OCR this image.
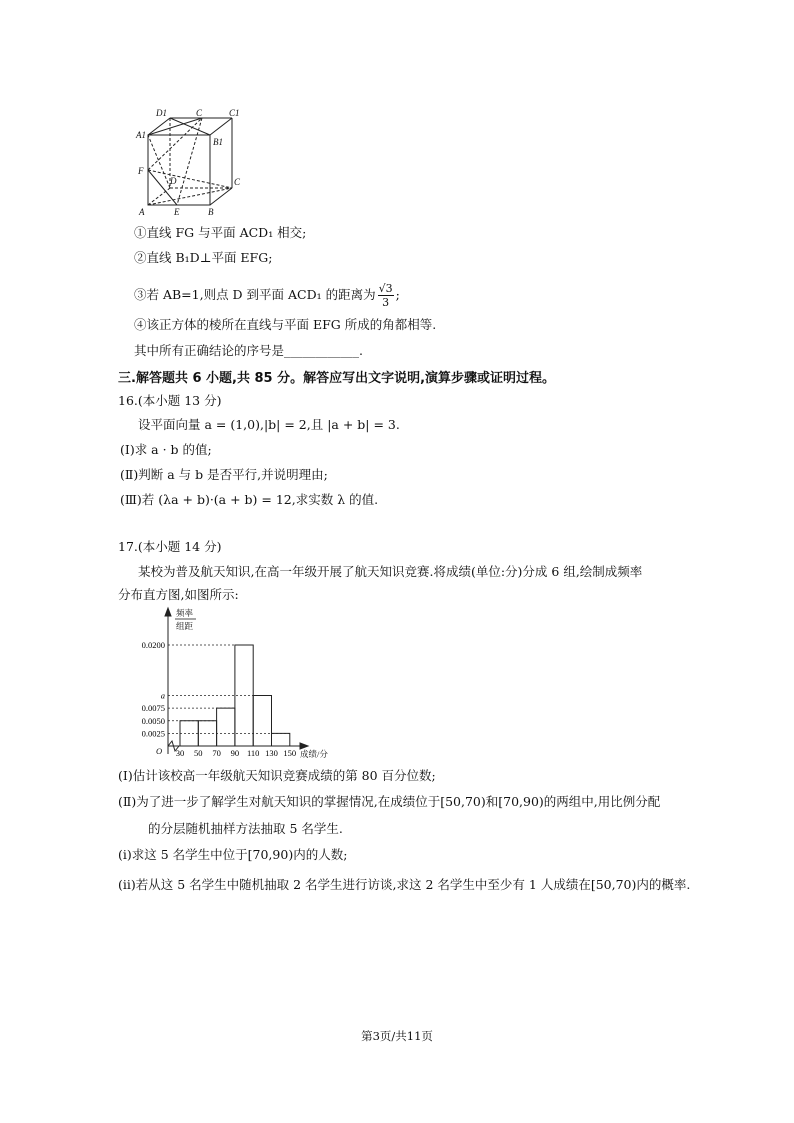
D1	C	C1
A1
B1
F
D	C
A	E	B
①直线 FG 与平面 ACD₁ 相交;
②直线 B₁D⊥平面 EFG;
③若 AB=1,则点 D 到平面 ACD₁ 的距离为 $\frac{√3}{3}$ ;
④该正方体的棱所在直线与平面 EFG 所成的角都相等.
其中所有正确结论的序号是____________.
三.解答题共 6 小题,共 85 分。解答应写出文字说明,演算步骤或证明过程。
16.(本小题 13 分)
设平面向量 a = (1,0),|b| = 2,且 |a + b| = 3.
(Ⅰ)求 a · b 的值;
(Ⅱ)判断 a 与 b 是否平行,并说明理由;
(Ⅲ)若 (λa + b)·(a + b) = 12,求实数 λ 的值.
17.(本小题 14 分)
某校为普及航天知识,在高一年级开展了航天知识竞赛.将成绩(单位:分)分成 6 组,绘制成频率
分布直方图,如图所示:
0.0200
a
0.0075
0.0050
0.0025
30 50 70 90 110 130 150
频率
组距
O	成绩/分
(Ⅰ)估计该校高一年级航天知识竞赛成绩的第 80 百分位数;
(Ⅱ)为了进一步了解学生对航天知识的掌握情况,在成绩位于[50,70)和[70,90)的两组中,用比例分配
的分层随机抽样方法抽取 5 名学生.
(i)求这 5 名学生中位于[70,90)内的人数;
(ii)若从这 5 名学生中随机抽取 2 名学生进行访谈,求这 2 名学生中至少有 1 人成绩在[50,70)内的概率.
第3页/共11页
